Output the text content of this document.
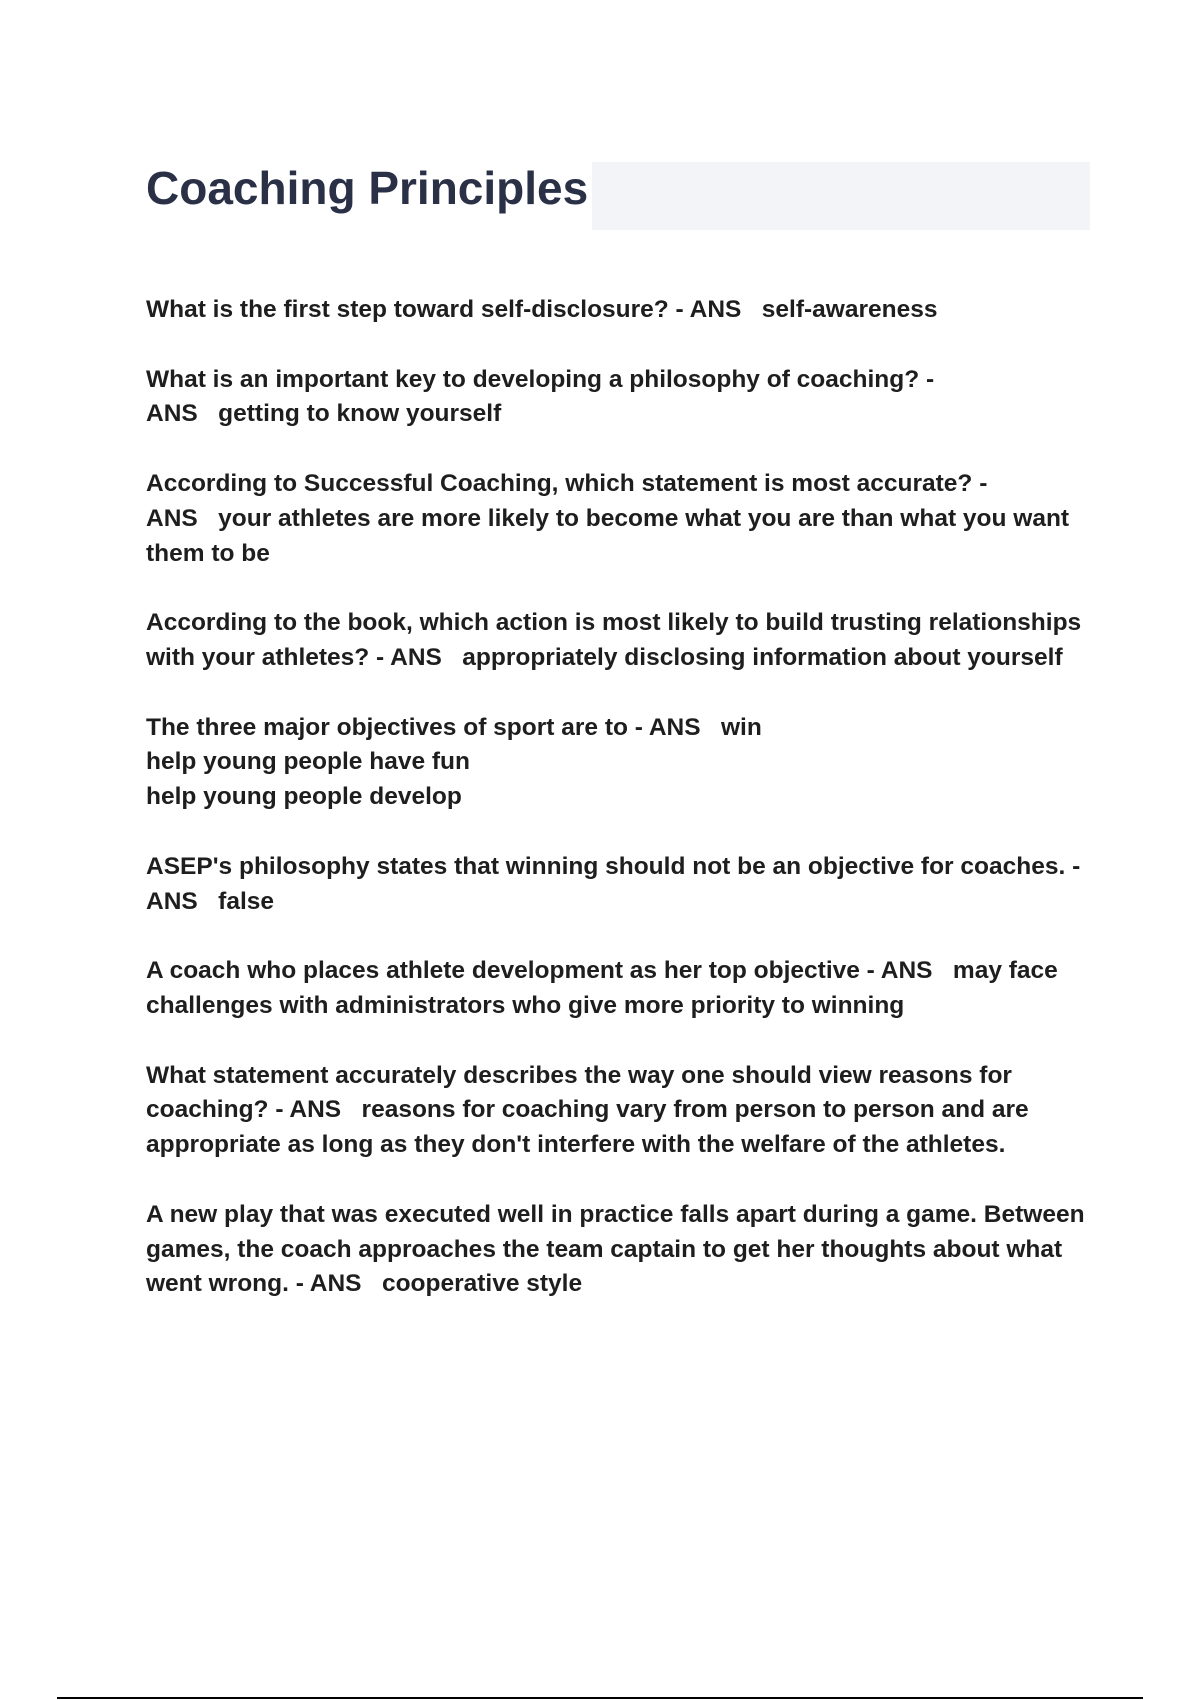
Coaching Principles

What is the first step toward self-disclosure? - ANS self-awareness

What is an important key to developing a philosophy of coaching? - ANS getting to know yourself

According to Successful Coaching, which statement is most accurate? - ANS your athletes are more likely to become what you are than what you want them to be

According to the book, which action is most likely to build trusting relationships with your athletes? - ANS appropriately disclosing information about yourself

The three major objectives of sport are to - ANS win
help young people have fun
help young people develop

ASEP's philosophy states that winning should not be an objective for coaches. - ANS false

A coach who places athlete development as her top objective - ANS may face challenges with administrators who give more priority to winning

What statement accurately describes the way one should view reasons for coaching? - ANS reasons for coaching vary from person to person and are appropriate as long as they don't interfere with the welfare of the athletes.

A new play that was executed well in practice falls apart during a game. Between games, the coach approaches the team captain to get her thoughts about what went wrong. - ANS cooperative style
